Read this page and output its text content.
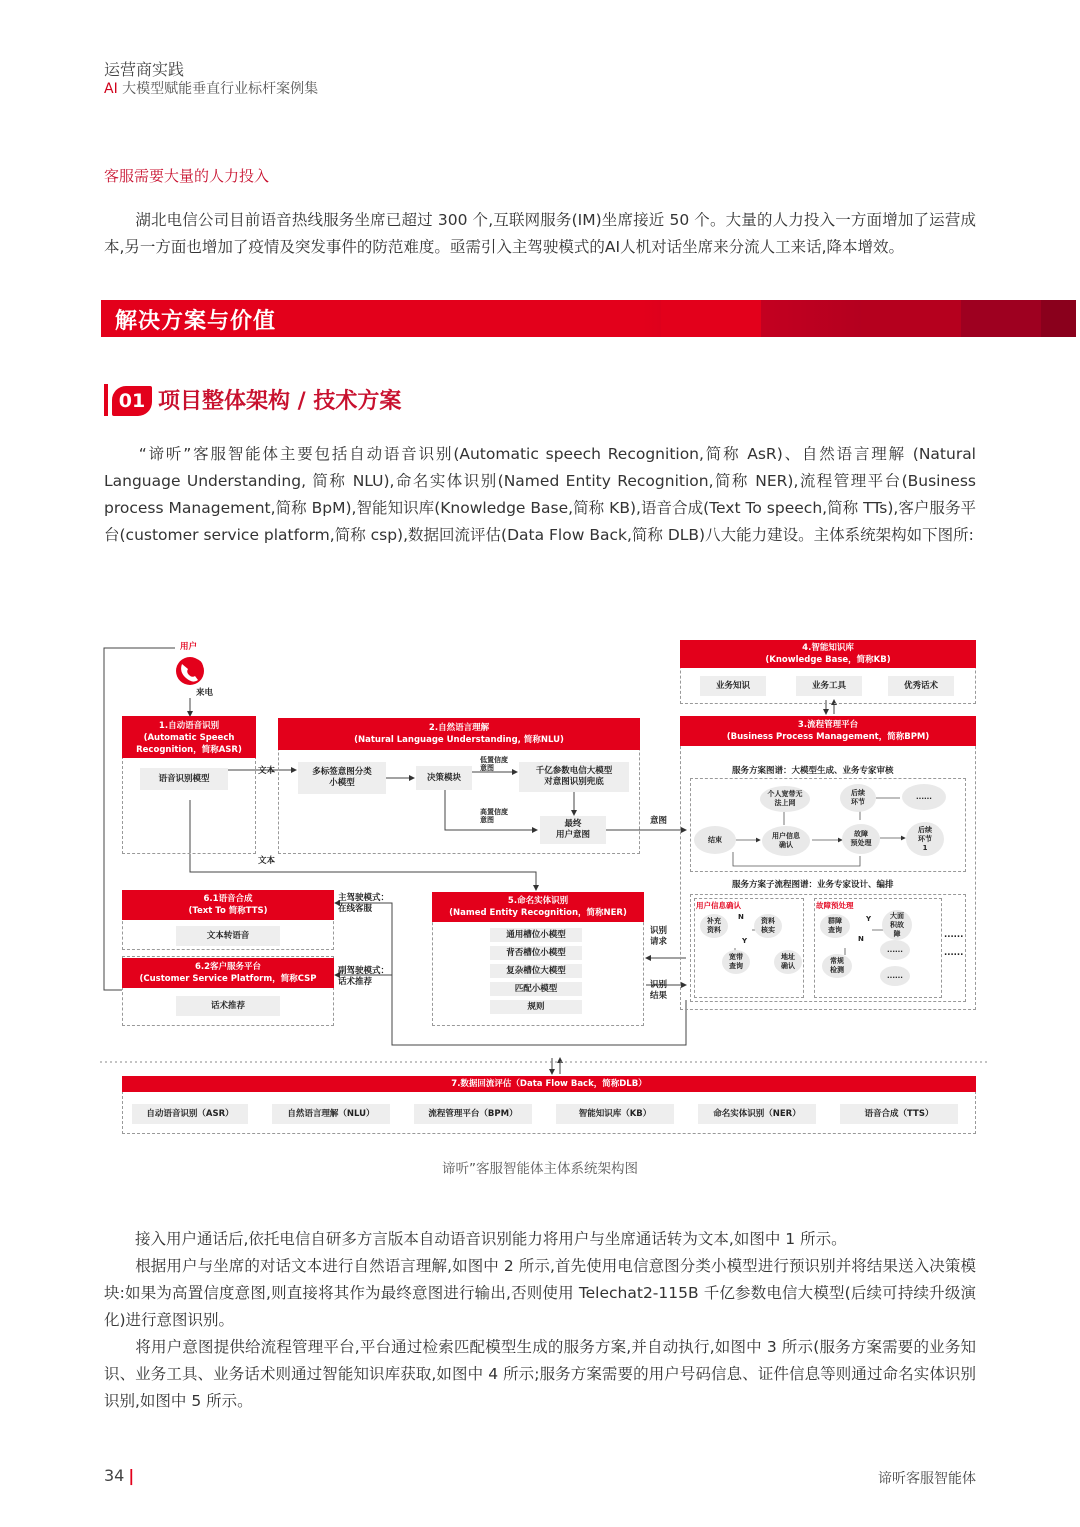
运营商实践
AI 大模型赋能垂直行业标杆案例集
客服需要大量的人力投入
　　湖北电信公司目前语音热线服务坐席已超过 300 个,互联网服务(IM)坐席接近 50 个。大量的人力投入一方面增加了运营成本,另一方面也增加了疫情及突发事件的防范难度。亟需引入主驾驶模式的AI人机对话坐席来分流人工来话,降本增效。
解决方案与价值
01 项目整体架构 / 技术方案
　　“谛听”客服智能体主要包括自动语音识别(Automatic speech Recognition,简称 AsR)、自然语言理解 (Natural Language Understanding, 简称 NLU),命名实体识别(Named Entity Recognition,简称 NER),流程管理平台(Business process Management,简称 BpM),智能知识库(Knowledge Base,简称 KB),语音合成(Text To speech,简称 TTs),客户服务平台(customer service platform,简称 csp),数据回流评估(Data Flow Back,简称 DLB)八大能力建设。主体系统架构如下图所:
用户
来电
1.自动语音识别
(Automatic Speech
Recognition，简称ASR)
语音识别模型
文本
文本
2.自然语言理解
(Natural Language Understanding, 简称NLU)
多标签意图分类
小模型
决策模块
低置信度
意图
高置信度
意图
千亿参数电信大模型
对意图识别兜底
最终
用户意图
意图
4.智能知识库
(Knowledge Base，简称KB)
业务知识	业务工具	优秀话术
3.流程管理平台
(Business Process Management，简称BPM)
服务方案图谱：大模型生成、业务专家审核
个人宽带无
法上网
后续
环节
......
结束	用户信息
确认
故障
预处理
后续
环节
1
服务方案子流程图谱：业务专家设计、编排
用户信息确认
补充
资料
资料
核实
宽带
查询
地址
确认
故障预处理
群障
查询
大面
积故
障
常规
检测
......
......
N
Y
Y
N	......
......
6.1语音合成
(Text To 简称TTS)
文本转语音
主驾驶模式：
在线客服
6.2客户服务平台
(Customer Service Platform，简称CSP
话术推荐
副驾驶模式：
话术推荐
5.命名实体识别
(Named Entity Recognition，简称NER)
通用槽位小模型
背否槽位小模型
复杂槽位大模型
匹配小模型
规则
识别
请求
识别
结果
7.数据回流评估（Data Flow Back，简称DLB）
自动语音识别（ASR）	自然语言理解（NLU）	流程管理平台（BPM）	智能知识库（KB）	命名实体识别（NER）	语音合成（TTS）
谛听”客服智能体主体系统架构图
　　接入用户通话后,依托电信自研多方言版本自动语音识别能力将用户与坐席通话转为文本,如图中 1 所示。
　　根据用户与坐席的对话文本进行自然语言理解,如图中 2 所示,首先使用电信意图分类小模型进行预识别并将结果送入决策模块:如果为高置信度意图,则直接将其作为最终意图进行输出,否则使用 Telechat2-115B 千亿参数电信大模型(后续可持续升级演化)进行意图识别。
　　将用户意图提供给流程管理平台,平台通过检索匹配模型生成的服务方案,并自动执行,如图中 3 所示(服务方案需要的业务知识、业务工具、业务话术则通过智能知识库获取,如图中 4 所示;服务方案需要的用户号码信息、证件信息等则通过命名实体识别识别,如图中 5 所示。
34 |	谛听客服智能体
